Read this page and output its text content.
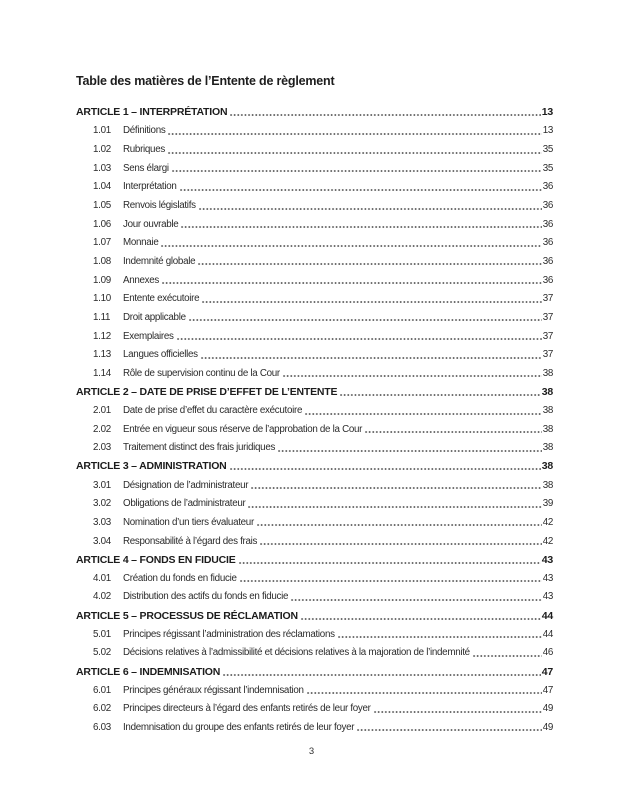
Table des matières de l’Entente de règlement
ARTICLE 1 – INTERPRÉTATION	13
1.01	Définitions	13
1.02	Rubriques	35
1.03	Sens élargi	35
1.04	Interprétation	36
1.05	Renvois législatifs	36
1.06	Jour ouvrable	36
1.07	Monnaie	36
1.08	Indemnité globale	36
1.09	Annexes	36
1.10	Entente exécutoire	37
1.11	Droit applicable	37
1.12	Exemplaires	37
1.13	Langues officielles	37
1.14	Rôle de supervision continu de la Cour	38
ARTICLE 2 – DATE DE PRISE D’EFFET DE L’ENTENTE	38
2.01	Date de prise d’effet du caractère exécutoire	38
2.02	Entrée en vigueur sous réserve de l’approbation de la Cour	38
2.03	Traitement distinct des frais juridiques	38
ARTICLE 3 – ADMINISTRATION	38
3.01	Désignation de l’administrateur	38
3.02	Obligations de l’administrateur	39
3.03	Nomination d’un tiers évaluateur	42
3.04	Responsabilité à l’égard des frais	42
ARTICLE 4 – FONDS EN FIDUCIE	43
4.01	Création du fonds en fiducie	43
4.02	Distribution des actifs du fonds en fiducie	43
ARTICLE 5 – PROCESSUS DE RÉCLAMATION	44
5.01	Principes régissant l’administration des réclamations	44
5.02	Décisions relatives à l’admissibilité et décisions relatives à la majoration de l’indemnité	46
ARTICLE 6 – INDEMNISATION	47
6.01	Principes généraux régissant l’indemnisation	47
6.02	Principes directeurs à l’égard des enfants retirés de leur foyer	49
6.03	Indemnisation du groupe des enfants retirés de leur foyer	49
3
